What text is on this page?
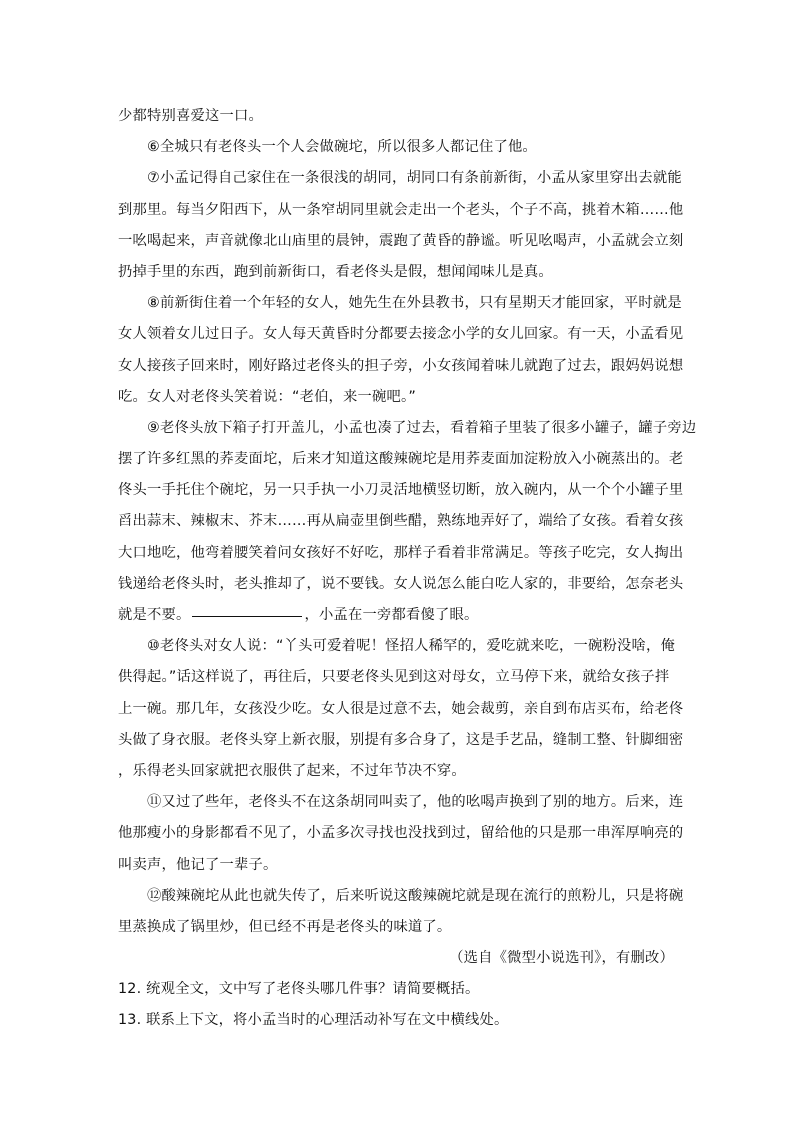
少都特别喜爱这一口。
⑥全城只有老佟头一个人会做碗坨，所以很多人都记住了他。
⑦小孟记得自己家住在一条很浅的胡同，胡同口有条前新街，小孟从家里穿出去就能
到那里。每当夕阳西下，从一条窄胡同里就会走出一个老头，个子不高，挑着木箱……他
一吆喝起来，声音就像北山庙里的晨钟，震跑了黄昏的静谧。听见吆喝声，小孟就会立刻
扔掉手里的东西，跑到前新街口，看老佟头是假，想闻闻味儿是真。
⑧前新街住着一个年轻的女人，她先生在外县教书，只有星期天才能回家，平时就是
女人领着女儿过日子。女人每天黄昏时分都要去接念小学的女儿回家。有一天，小孟看见
女人接孩子回来时，刚好路过老佟头的担子旁，小女孩闻着味儿就跑了过去，跟妈妈说想
吃。女人对老佟头笑着说：“老伯，来一碗吧。”
⑨老佟头放下箱子打开盖儿，小孟也凑了过去，看着箱子里装了很多小罐子，罐子旁边
摆了许多红黑的荞麦面坨，后来才知道这酸辣碗坨是用荞麦面加淀粉放入小碗蒸出的。老
佟头一手托住个碗坨，另一只手执一小刀灵活地横竖切断，放入碗内，从一个个小罐子里
舀出蒜末、辣椒末、芥末……再从扁壶里倒些醋，熟练地弄好了，端给了女孩。看着女孩
大口地吃，他弯着腰笑着问女孩好不好吃，那样子看着非常满足。等孩子吃完，女人掏出
钱递给老佟头时，老头推却了，说不要钱。女人说怎么能白吃人家的，非要给，怎奈老头
就是不要。	，小孟在一旁都看傻了眼。
⑩老佟头对女人说：“丫头可爱着呢！怪招人稀罕的，爱吃就来吃，一碗粉没啥，俺
供得起。”话这样说了，再往后，只要老佟头见到这对母女，立马停下来，就给女孩子拌
上一碗。那几年，女孩没少吃。女人很是过意不去，她会裁剪，亲自到布店买布，给老佟
头做了身衣服。老佟头穿上新衣服，别提有多合身了，这是手艺品，缝制工整、针脚细密
，乐得老头回家就把衣服供了起来，不过年节决不穿。
⑪又过了些年，老佟头不在这条胡同叫卖了，他的吆喝声换到了别的地方。后来，连
他那瘦小的身影都看不见了，小孟多次寻找也没找到过，留给他的只是那一串浑厚响亮的
叫卖声，他记了一辈子。
⑫酸辣碗坨从此也就失传了，后来听说这酸辣碗坨就是现在流行的煎粉儿，只是将碗
里蒸换成了锅里炒，但已经不再是老佟头的味道了。
（选自《微型小说选刊》，有删改）
12. 统观全文，文中写了老佟头哪几件事？请简要概括。
13. 联系上下文，将小孟当时的心理活动补写在文中横线处。
